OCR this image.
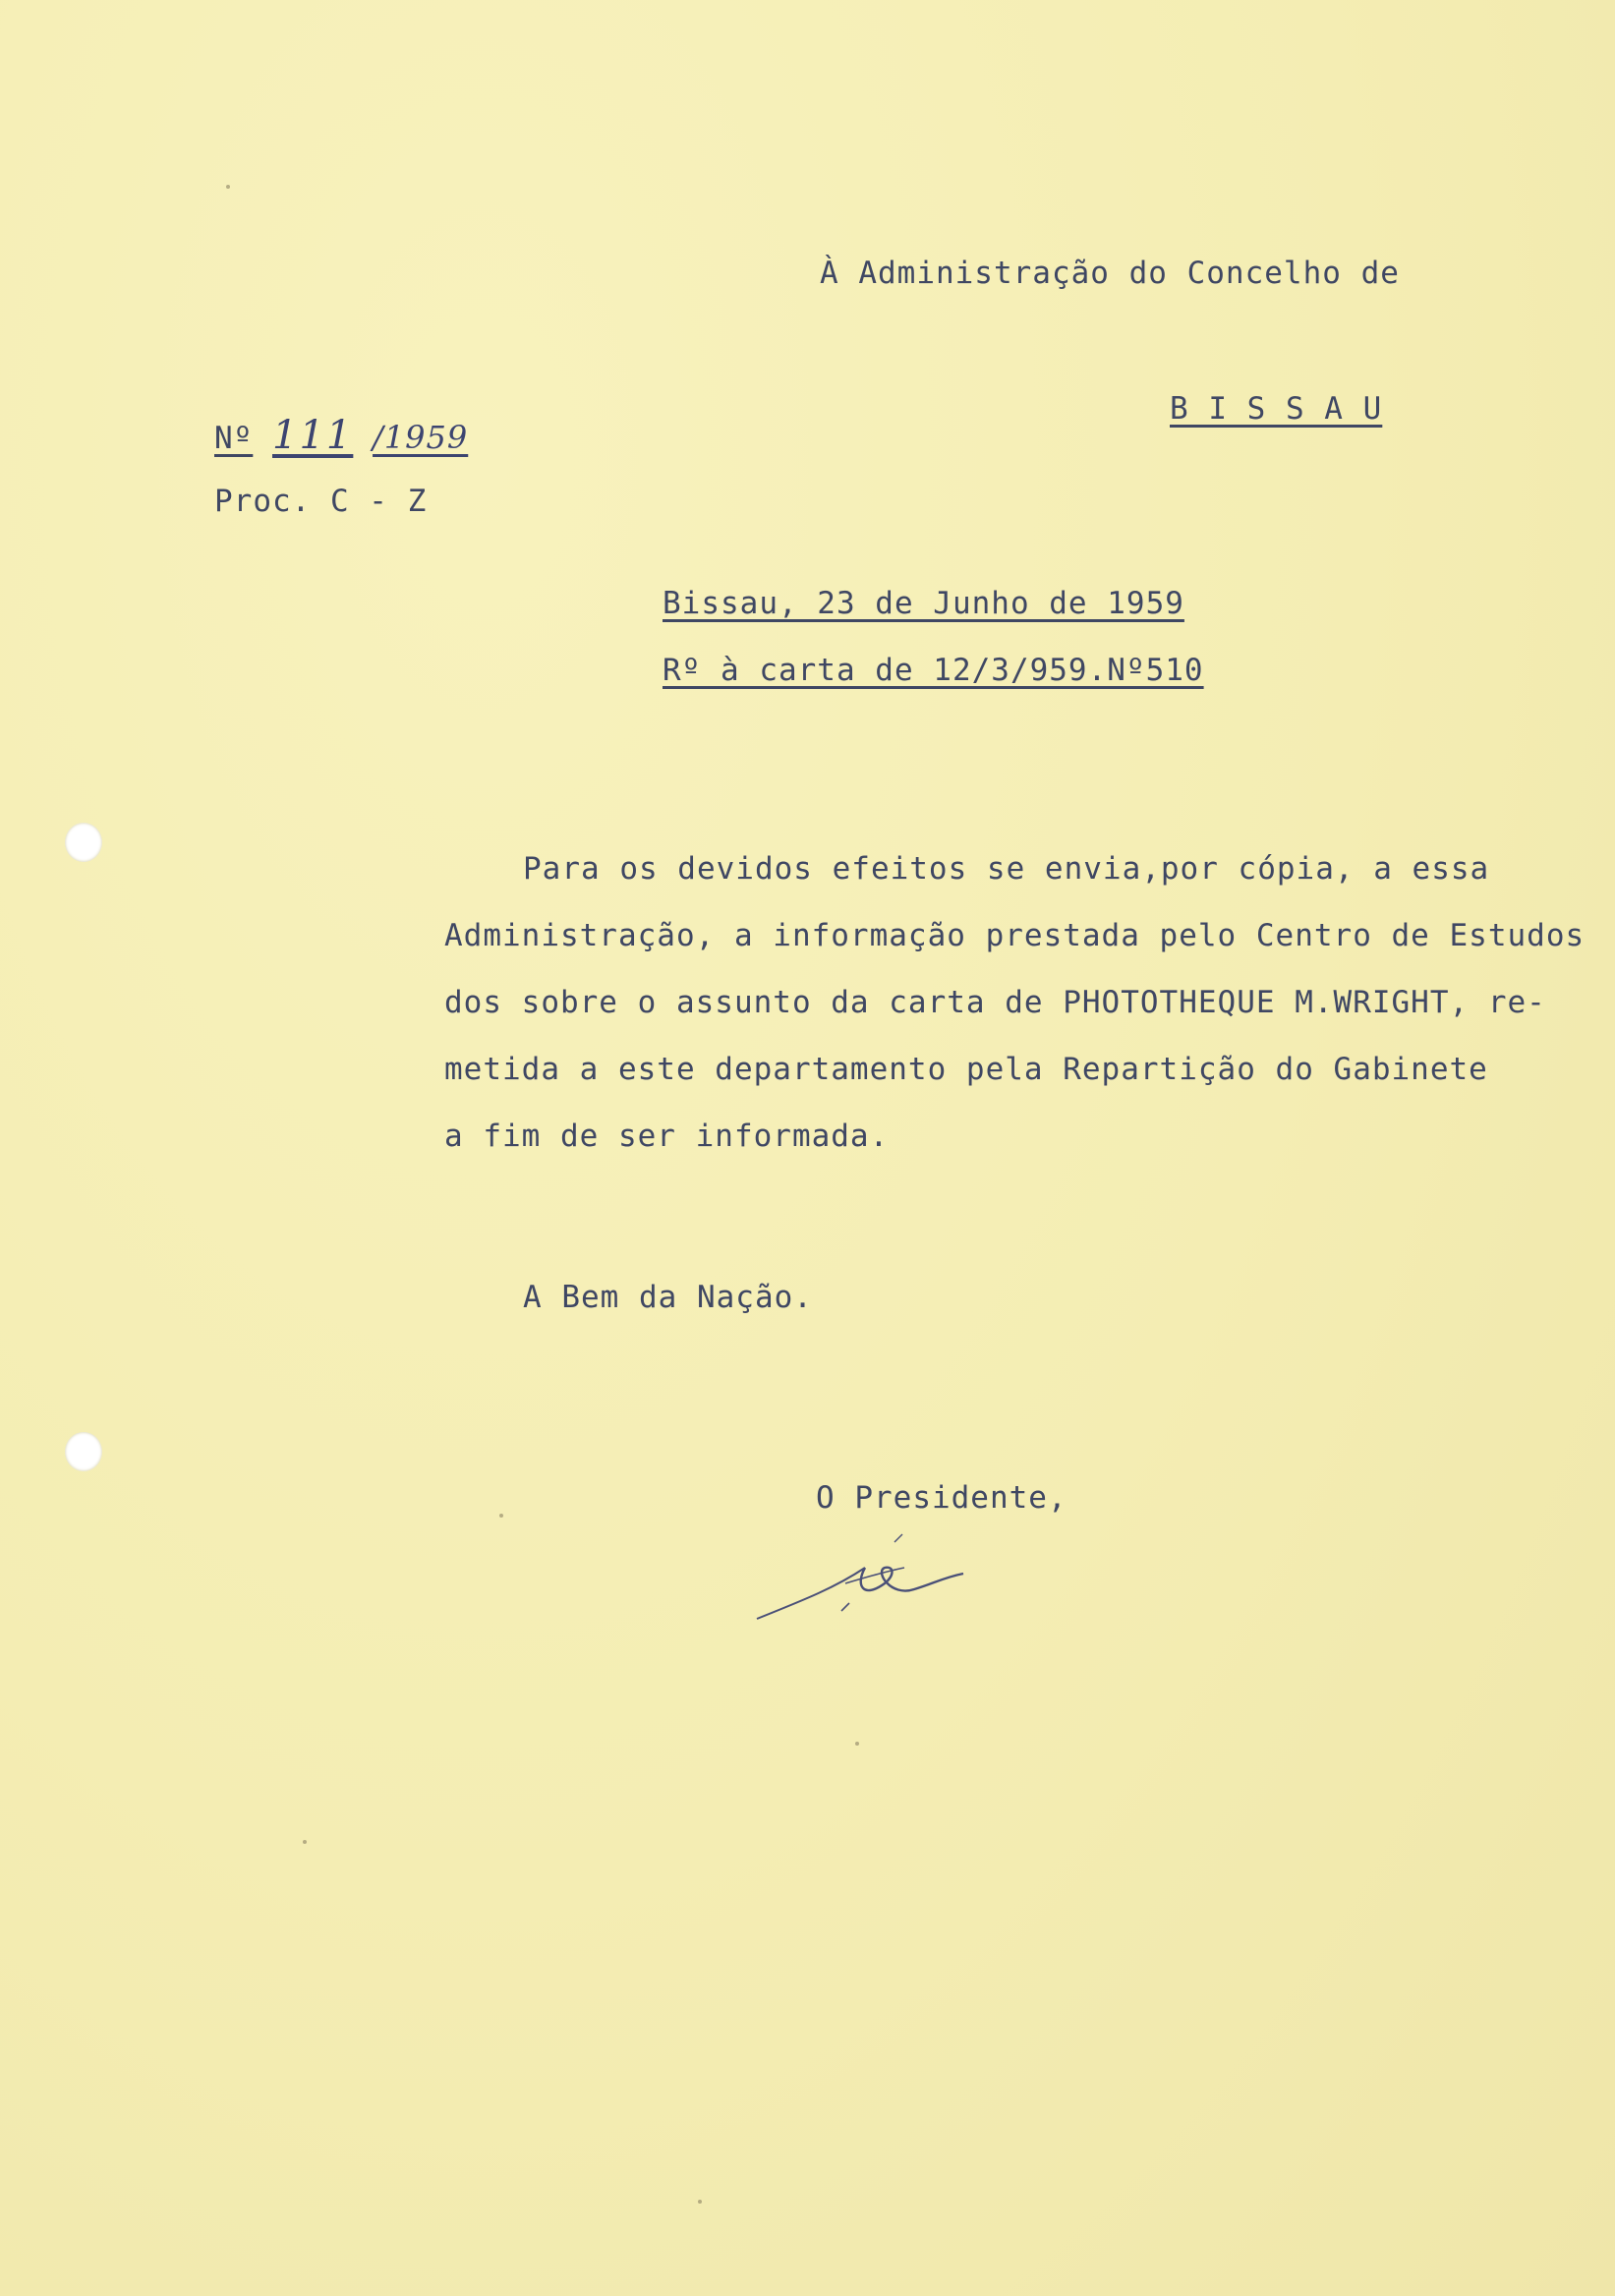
À Administração do Concelho de
B I S S A U
Nº 111 /1959
Proc. C - Z
Bissau, 23 de Junho de 1959
Rº à carta de 12/3/959.Nº510
Para os devidos efeitos se envia,por cópia, a essa
Administração, a informação prestada pelo Centro de Estudos
dos sobre o assunto da carta de PHOTOTHEQUE M.WRIGHT, re-
metida a este departamento pela Repartição do Gabinete
a fim de ser informada.
A Bem da Nação.
O Presidente,
